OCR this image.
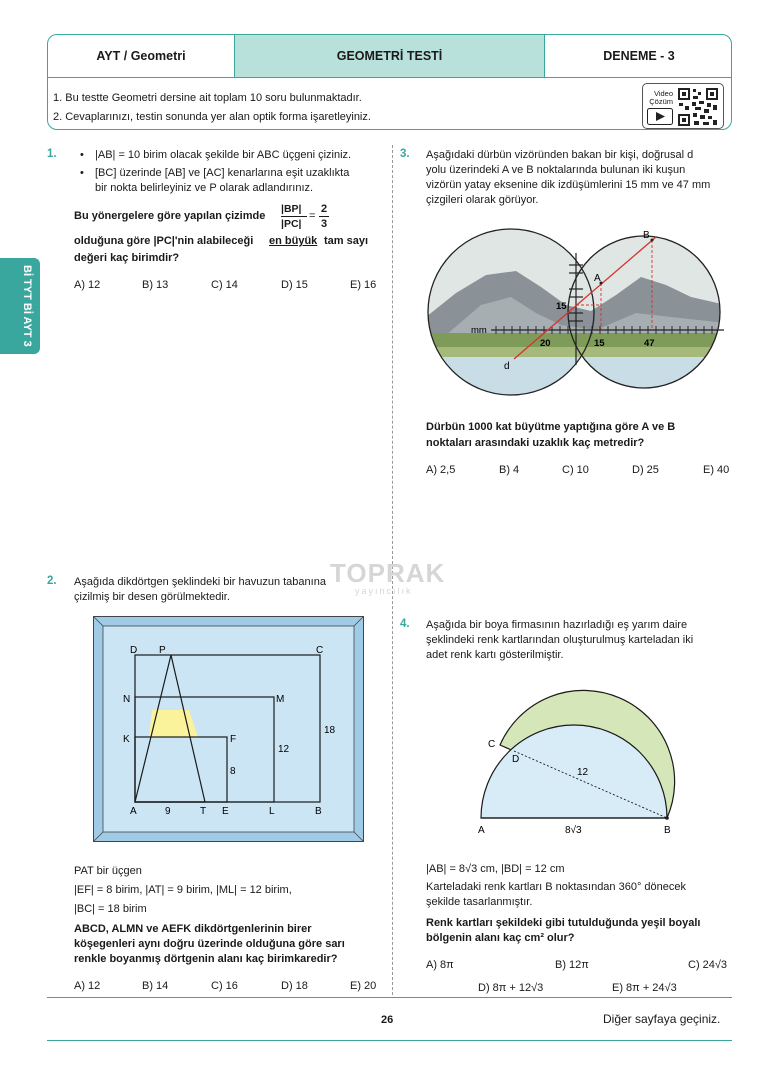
AYT / Geometri	GEOMETRİ TESTİ	DENEME - 3
1. Bu testte Geometri dersine ait toplam 10 soru bulunmaktadır.
2. Cevaplarınızı, testin sonunda yer alan optik forma işaretleyiniz.
Video
Çözüm
Bİ TYT Bİ AYT 3
TOPRAK
yayıncılık
1. • |AB| = 10 birim olacak şekilde bir ABC üçgeni çiziniz.
• [BC] üzerinde [AB] ve [AC] kenarlarına eşit uzaklıkta
bir nokta belirleyiniz ve P olarak adlandırınız.
Bu yönergelere göre yapılan çizimde
|BP|
|PC|
=
2
3
olduğuna göre |PC|'nin alabileceği en büyük tam sayı
değeri kaç birimdir?
A) 12	B) 13	C) 14	D) 15	E) 16
3. Aşağıdaki dürbün vizöründen bakan bir kişi, doğrusal d
yolu üzerindeki A ve B noktalarında bulunan iki kuşun
vizörün yatay eksenine dik izdüşümlerini 15 mm ve 47 mm
çizgileri olarak görüyor.
B
A
15
mm
20	15	47
d
Dürbün 1000 kat büyütme yaptığına göre A ve B
noktaları arasındaki uzaklık kaç metredir?
A) 2,5	B) 4	C) 10	D) 25	E) 40
2. Aşağıda dikdörtgen şeklindeki bir havuzun tabanına
çizilmiş bir desen görülmektedir.
D P	C
N	M
K	F
A	9	T E	L	B
8
12
18
PAT bir üçgen
|EF| = 8 birim, |AT| = 9 birim, |ML| = 12 birim,
|BC| = 18 birim
ABCD, ALMN ve AEFK dikdörtgenlerinin birer
köşegenleri aynı doğru üzerinde olduğuna göre sarı
renkle boyanmış dörtgenin alanı kaç birimkaredir?
A) 12	B) 14	C) 16	D) 18	E) 20
4. Aşağıda bir boya firmasının hazırladığı eş yarım daire
şeklindeki renk kartlarından oluşturulmuş karteladan iki
adet renk kartı gösterilmiştir.
C
D
12
A	B
8√3
|AB| = 8√3 cm, |BD| = 12 cm
Karteladaki renk kartları B noktasından 360° dönecek
şekilde tasarlanmıştır.
Renk kartları şekildeki gibi tutulduğunda yeşil boyalı
bölgenin alanı kaç cm² olur?
A) 8π	B) 12π	C) 24√3
D) 8π + 12√3	E) 8π + 24√3
26	Diğer sayfaya geçiniz.
